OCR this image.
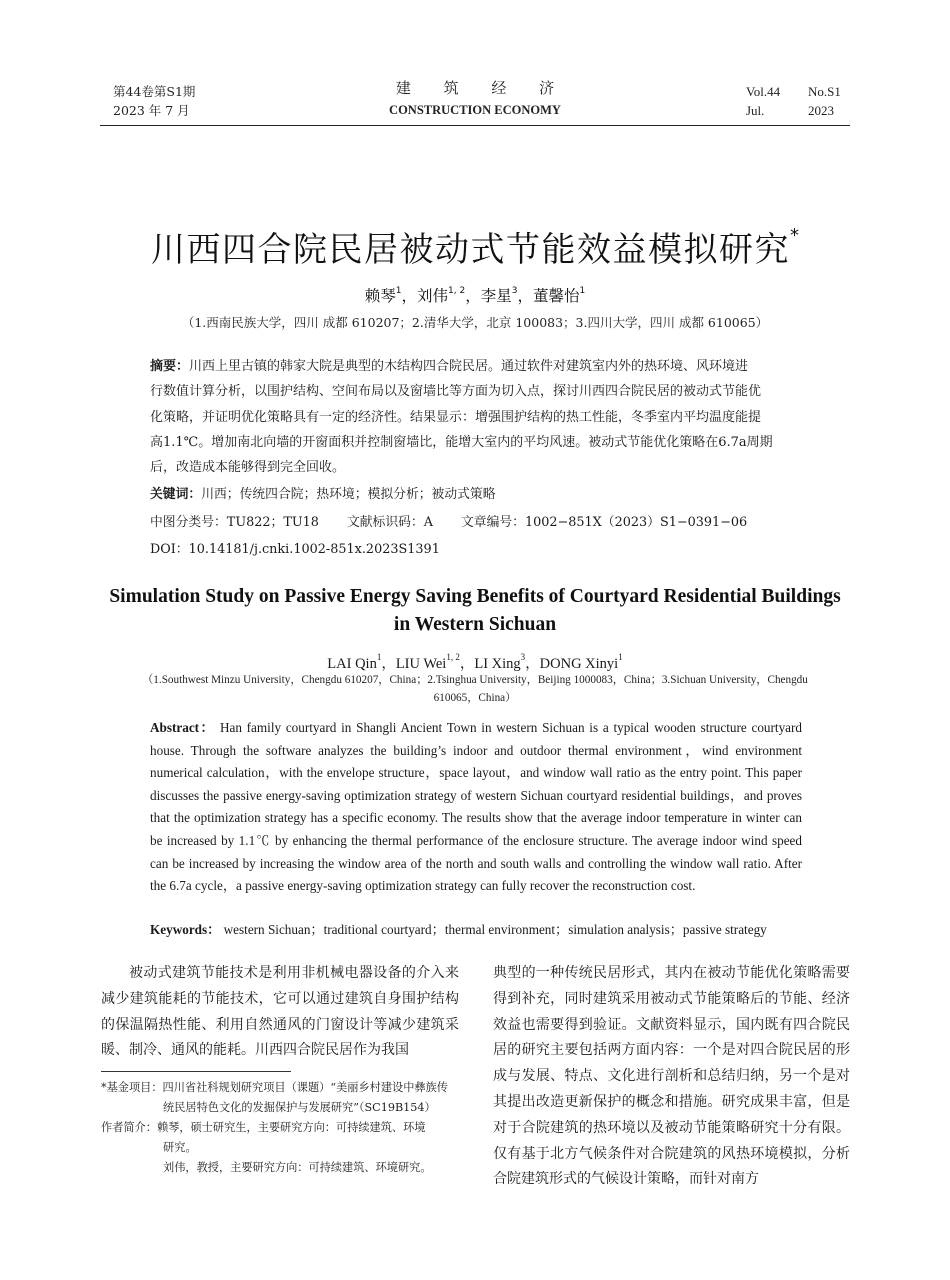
第44卷第S1期
2023 年 7 月
建 筑 经 济
CONSTRUCTION ECONOMY
Vol.44	No.S1
Jul.	2023
川西四合院民居被动式节能效益模拟研究*
赖琴$^1$，刘伟$^{1, 2}$，李星$^3$，董馨怡$^1$
（1.西南民族大学，四川 成都 610207；2.清华大学，北京 100083；3.四川大学，四川 成都 610065）
摘要：川西上里古镇的韩家大院是典型的木结构四合院民居。通过软件对建筑室内外的热环境、风环境进
行数值计算分析，以围护结构、空间布局以及窗墙比等方面为切入点，探讨川西四合院民居的被动式节能优
化策略，并证明优化策略具有一定的经济性。结果显示：增强围护结构的热工性能，冬季室内平均温度能提
高1.1℃。增加南北向墙的开窗面积并控制窗墙比，能增大室内的平均风速。被动式节能优化策略在6.7a周期
后，改造成本能够得到完全回收。
关键词：川西；传统四合院；热环境；模拟分析；被动式策略
中图分类号：TU822；TU18 文献标识码：A 文章编号：1002−851X（2023）S1−0391−06
DOI：10.14181/j.cnki.1002-851x.2023S1391
Simulation Study on Passive Energy Saving Benefits of Courtyard Residential Buildings
in Western Sichuan
LAI Qin$^1$，LIU Wei$^{1, 2}$，LI Xing$^3$，DONG Xinyi$^1$
（1.Southwest Minzu University，Chengdu 610207，China；2.Tsinghua University，Beijing 1000083，China；3.Sichuan University，Chengdu
610065，China）
Abstract： Han family courtyard in Shangli Ancient Town in western Sichuan is a typical wooden structure courtyard house. Through the software analyzes the building’s indoor and outdoor thermal environment，wind environment numerical calculation，with the envelope structure，space layout，and window wall ratio as the entry point. This paper discusses the passive energy-saving optimization strategy of western Sichuan courtyard residential buildings，and proves that the optimization strategy has a specific economy. The results show that the average indoor temperature in winter can be increased by 1.1℃ by enhancing the thermal performance of the enclosure structure. The average indoor wind speed can be increased by increasing the window area of the north and south walls and controlling the window wall ratio. After the 6.7a cycle，a passive energy-saving optimization strategy can fully recover the reconstruction cost.
Keywords： western Sichuan；traditional courtyard；thermal environment；simulation analysis；passive strategy
被动式建筑节能技术是利用非机械电器设备的介入来减少建筑能耗的节能技术，它可以通过建筑自身围护结构的保温隔热性能、利用自然通风的门窗设计等减少建筑采暖、制冷、通风的能耗。川西四合院民居作为我国
典型的一种传统民居形式，其内在被动节能优化策略需要得到补充，同时建筑采用被动式节能策略后的节能、经济效益也需要得到验证。文献资料显示，国内既有四合院民居的研究主要包括两方面内容：一个是对四合院民居的形成与发展、特点、文化进行剖析和总结归纳，另一个是对其提出改造更新保护的概念和措施。研究成果丰富，但是对于合院建筑的热环境以及被动节能策略研究十分有限。仅有基于北方气候条件对合院建筑的风热环境模拟，分析合院建筑形式的气候设计策略，而针对南方
*基金项目：四川省社科规划研究项目（课题）“美丽乡村建设中彝族传
统民居特色文化的发掘保护与发展研究”（SC19B154）
作者简介：赖琴，硕士研究生，主要研究方向：可持续建筑、环境
研究。
刘伟，教授，主要研究方向：可持续建筑、环境研究。
